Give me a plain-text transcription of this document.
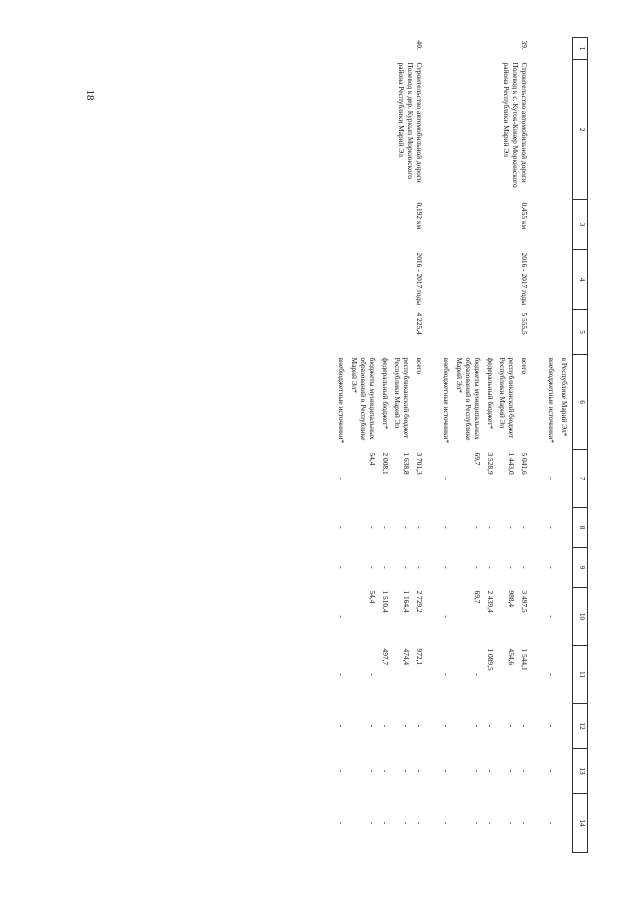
18
1	2	3	4	5	6	7	8	9	10	11	12	13	14
					в Республике Марий Эл*								
					внебюджетные источники*	-	-	-	-	-	-	-	-

39.	Строительство автомобильной дороги Полевод к с. Кугок-Кинер Моркинского района Республики Марий Эл	0,455 км	2016 - 2017 годы	5 555,5	всего	5 041,6	-	-	3 497,5	1 544,1	-	-	-
					республиканский бюджет Республики Марий Эл	1 443,0	-	-	988,4	454,6	-	-	-
					федеральный бюджет*	3 528,9	-	-	2 439,4	1 089,5	-	-	-
					бюджеты муниципальных образований в Республике Марий Эл*	69,7	-	-	69,7	-	-	-	-
					внебюджетные источники*	-	-	-	-	-	-	-	-

40.	Строительство автомобильной дороги Полевод к дер. Куркып Моркинского района Республики Марий Эл	0,192 км	2016 - 2017 годы	4 225,4	всего	3 701,3	-	-	2 729,2	972,1	-	-	-
					республиканский бюджет Республики Марий Эл	1 638,8	-	-	1 164,4	474,4	-	-	-
					федеральный бюджет*	2 008,1	-	-	1 510,4	497,7	-	-	-
					бюджеты муниципальных образований в Республике Марий Эл*	54,4	-	-	54,4	-	-	-	-
					внебюджетные источники*	-	-	-	-	-	-	-	-
